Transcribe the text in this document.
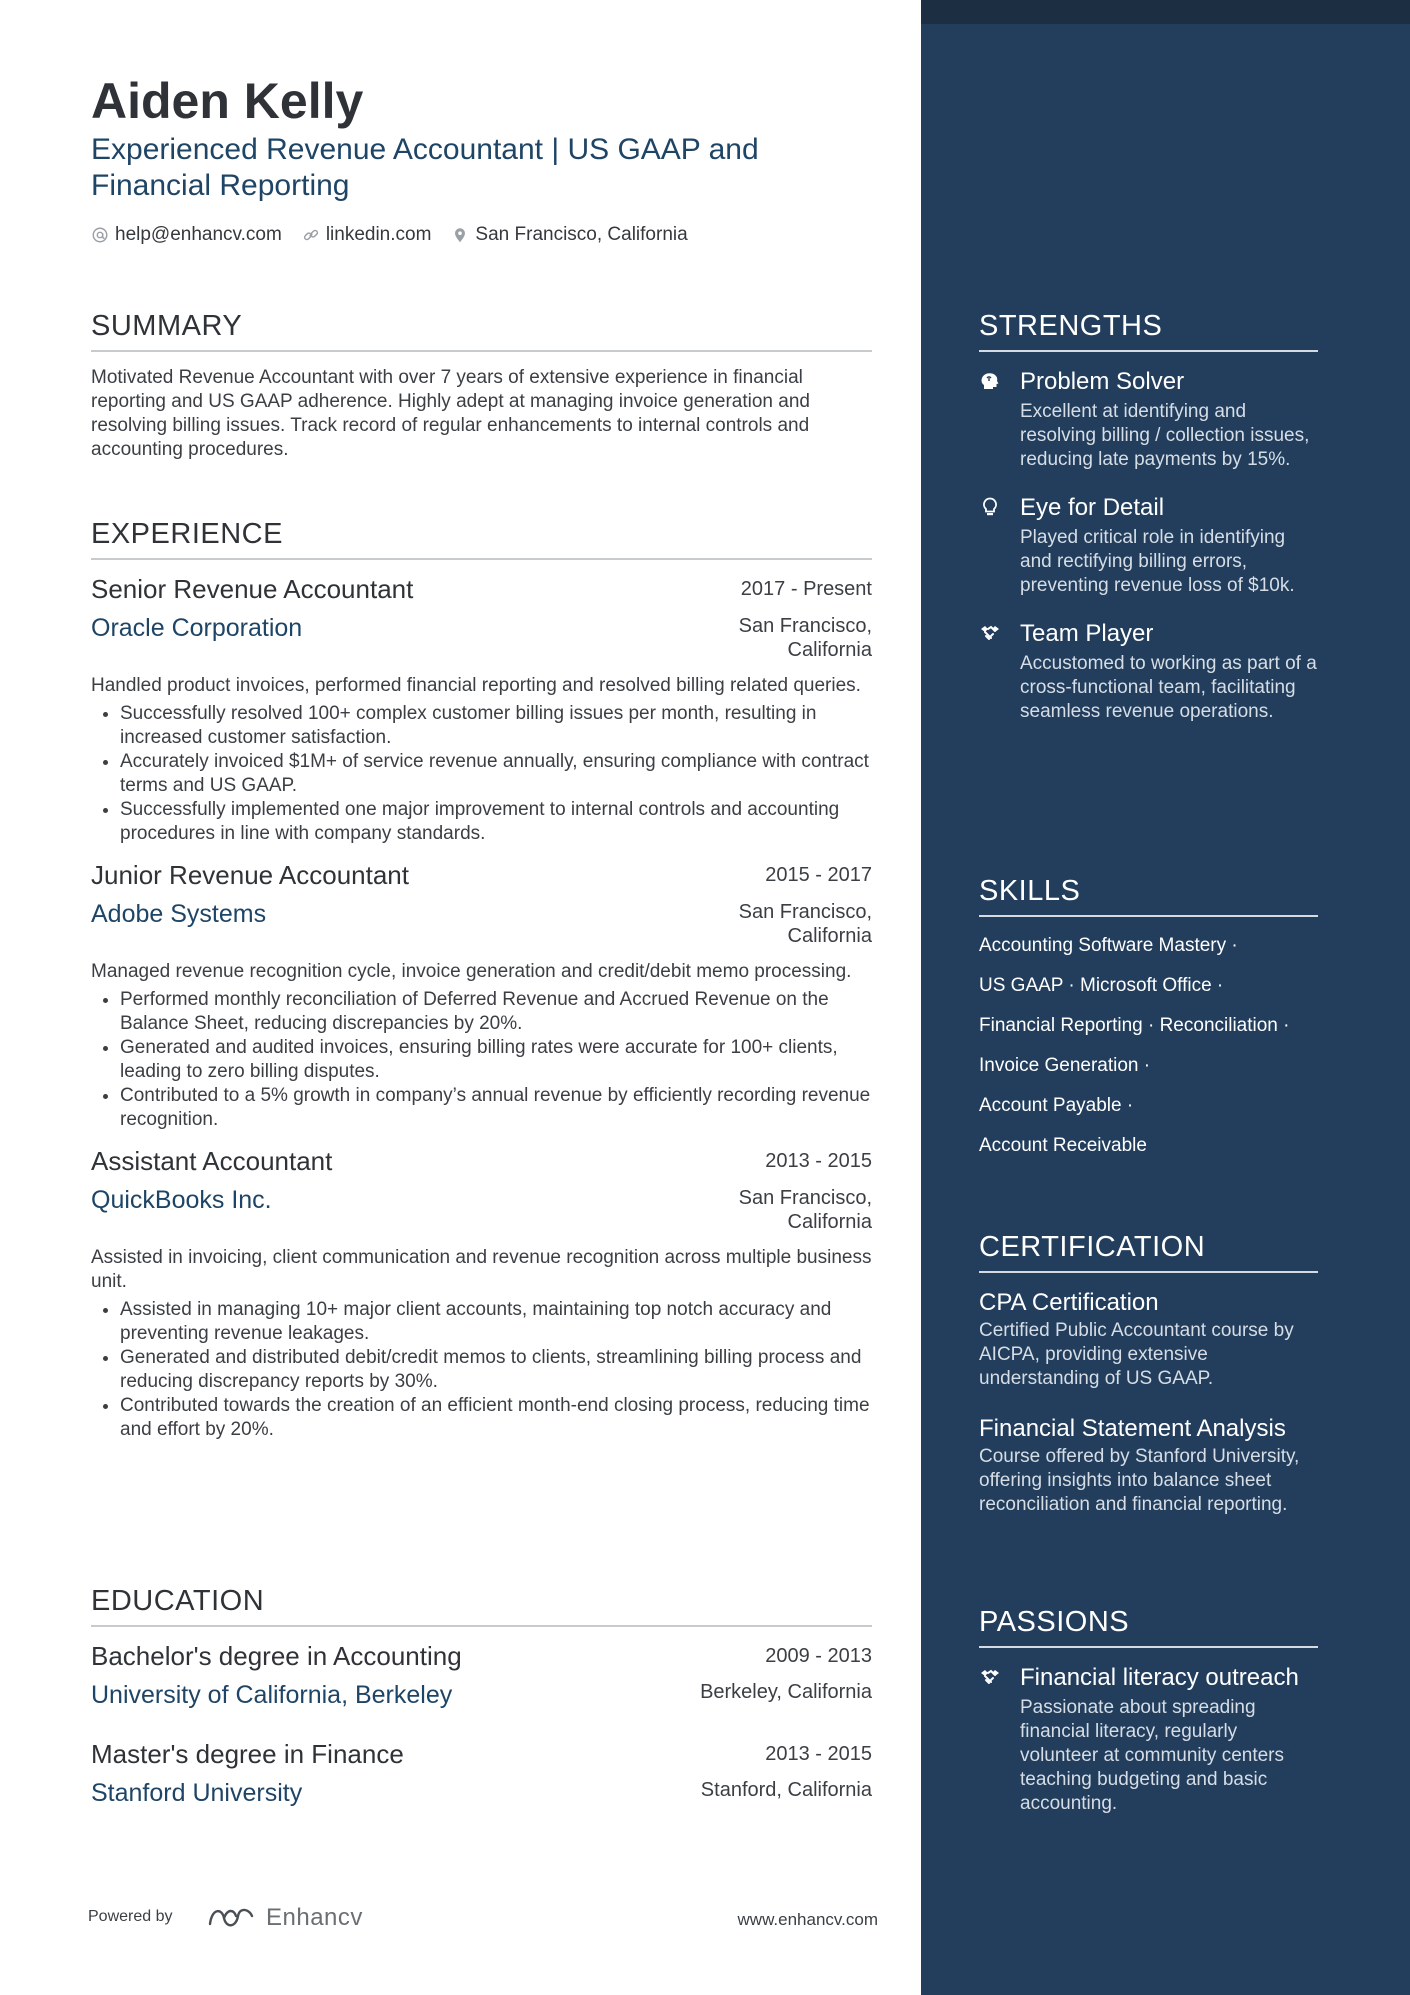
Aiden Kelly
Experienced Revenue Accountant | US GAAP and Financial Reporting
help@enhancv.com linkedin.com San Francisco, California
SUMMARY
Motivated Revenue Accountant with over 7 years of extensive experience in financial reporting and US GAAP adherence. Highly adept at managing invoice generation and resolving billing issues. Track record of regular enhancements to internal controls and accounting procedures.
EXPERIENCE
Senior Revenue Accountant	2017 - Present
Oracle Corporation	San Francisco, California
Handled product invoices, performed financial reporting and resolved billing related queries.
• Successfully resolved 100+ complex customer billing issues per month, resulting in increased customer satisfaction.
• Accurately invoiced $1M+ of service revenue annually, ensuring compliance with contract terms and US GAAP.
• Successfully implemented one major improvement to internal controls and accounting procedures in line with company standards.
Junior Revenue Accountant	2015 - 2017
Adobe Systems	San Francisco, California
Managed revenue recognition cycle, invoice generation and credit/debit memo processing.
• Performed monthly reconciliation of Deferred Revenue and Accrued Revenue on the Balance Sheet, reducing discrepancies by 20%.
• Generated and audited invoices, ensuring billing rates were accurate for 100+ clients, leading to zero billing disputes.
• Contributed to a 5% growth in company’s annual revenue by efficiently recording revenue recognition.
Assistant Accountant	2013 - 2015
QuickBooks Inc.	San Francisco, California
Assisted in invoicing, client communication and revenue recognition across multiple business unit.
• Assisted in managing 10+ major client accounts, maintaining top notch accuracy and preventing revenue leakages.
• Generated and distributed debit/credit memos to clients, streamlining billing process and reducing discrepancy reports by 30%.
• Contributed towards the creation of an efficient month-end closing process, reducing time and effort by 20%.
EDUCATION
Bachelor's degree in Accounting	2009 - 2013
University of California, Berkeley	Berkeley, California
Master's degree in Finance	2013 - 2015
Stanford University	Stanford, California
Powered by	Enhancv	www.enhancv.com
STRENGTHS
Problem Solver
Excellent at identifying and resolving billing / collection issues, reducing late payments by 15%.
Eye for Detail
Played critical role in identifying and rectifying billing errors, preventing revenue loss of $10k.
Team Player
Accustomed to working as part of a cross-functional team, facilitating seamless revenue operations.
SKILLS
Accounting Software Mastery ·
US GAAP · Microsoft Office ·
Financial Reporting · Reconciliation ·
Invoice Generation ·
Account Payable ·
Account Receivable
CERTIFICATION
CPA Certification
Certified Public Accountant course by AICPA, providing extensive understanding of US GAAP.
Financial Statement Analysis
Course offered by Stanford University, offering insights into balance sheet reconciliation and financial reporting.
PASSIONS
Financial literacy outreach
Passionate about spreading financial literacy, regularly volunteer at community centers teaching budgeting and basic accounting.
